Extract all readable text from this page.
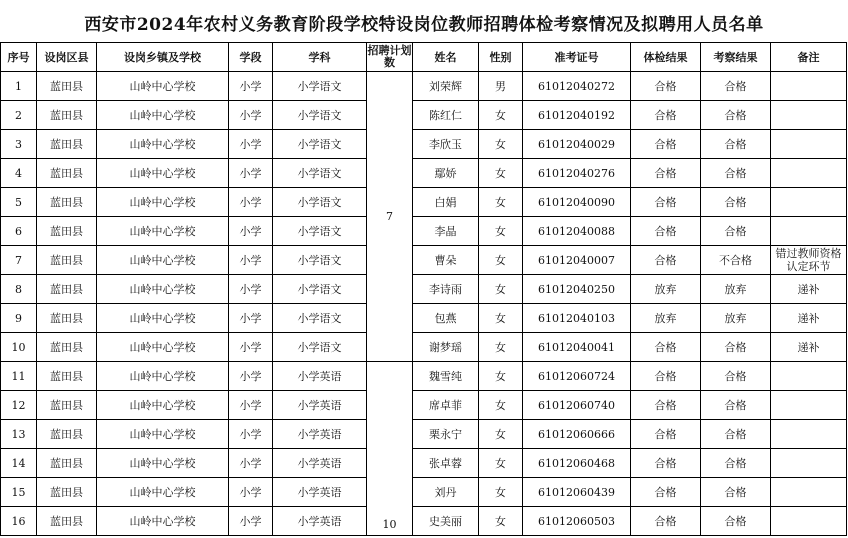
西安市2024年农村义务教育阶段学校特设岗位教师招聘体检考察情况及拟聘用人员名单
序号	设岗区县	设岗乡镇及学校	学段	学科	招聘计划数	姓名	性别	准考证号	体检结果	考察结果	备注
1	蓝田县	山岭中心学校	小学	小学语文	7	刘荣辉	男	61012040272	合格	合格	
2	蓝田县	山岭中心学校	小学	小学语文		陈红仁	女	61012040192	合格	合格	
3	蓝田县	山岭中心学校	小学	小学语文		李欣玉	女	61012040029	合格	合格	
4	蓝田县	山岭中心学校	小学	小学语文		鄢娇	女	61012040276	合格	合格	
5	蓝田县	山岭中心学校	小学	小学语文		白娟	女	61012040090	合格	合格	
6	蓝田县	山岭中心学校	小学	小学语文		李晶	女	61012040088	合格	合格	
7	蓝田县	山岭中心学校	小学	小学语文		曹朵	女	61012040007	合格	不合格	错过教师资格认定环节
8	蓝田县	山岭中心学校	小学	小学语文		李诗雨	女	61012040250	放弃	放弃	递补
9	蓝田县	山岭中心学校	小学	小学语文		包燕	女	61012040103	放弃	放弃	递补
10	蓝田县	山岭中心学校	小学	小学语文		谢梦瑶	女	61012040041	合格	合格	递补
11	蓝田县	山岭中心学校	小学	小学英语	10	魏雪纯	女	61012060724	合格	合格	
12	蓝田县	山岭中心学校	小学	小学英语		席卓菲	女	61012060740	合格	合格	
13	蓝田县	山岭中心学校	小学	小学英语		栗永宁	女	61012060666	合格	合格	
14	蓝田县	山岭中心学校	小学	小学英语		张卓蓉	女	61012060468	合格	合格	
15	蓝田县	山岭中心学校	小学	小学英语		刘丹	女	61012060439	合格	合格	
16	蓝田县	山岭中心学校	小学	小学英语		史美丽	女	61012060503	合格	合格	
